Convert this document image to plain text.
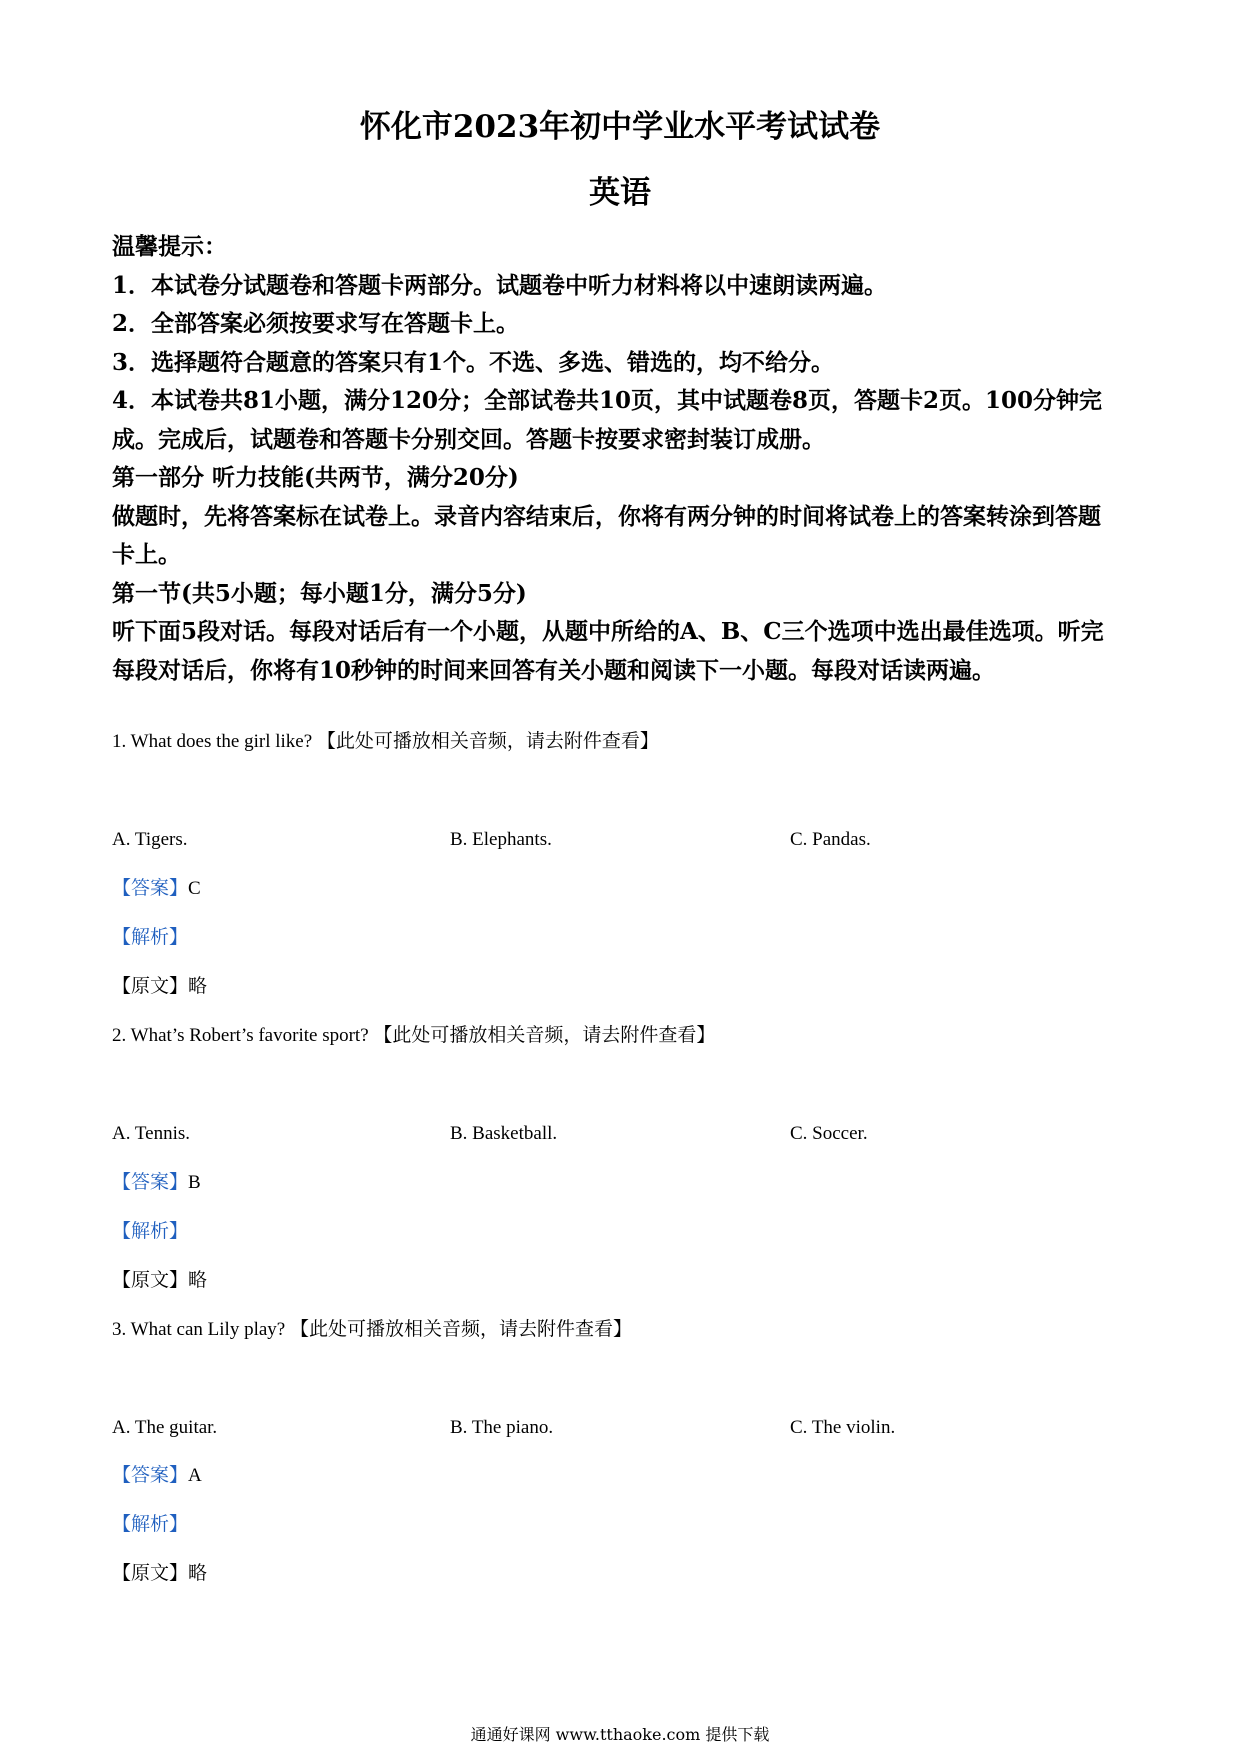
怀化市2023年初中学业水平考试试卷
英语

温馨提示：

1．本试卷分试题卷和答题卡两部分。试题卷中听力材料将以中速朗读两遍。

2．全部答案必须按要求写在答题卡上。

3．选择题符合题意的答案只有1个。不选、多选、错选的，均不给分。

4．本试卷共81小题，满分120分；全部试卷共10页，其中试题卷8页，答题卡2页。100分钟完成。完成后，试题卷和答题卡分别交回。答题卡按要求密封装订成册。

第一部分 听力技能(共两节，满分20分)

做题时，先将答案标在试卷上。录音内容结束后，你将有两分钟的时间将试卷上的答案转涂到答题卡上。

第一节(共5小题；每小题1分，满分5分)

听下面5段对话。每段对话后有一个小题，从题中所给的A、B、C三个选项中选出最佳选项。听完每段对话后，你将有10秒钟的时间来回答有关小题和阅读下一小题。每段对话读两遍。

1. What does the girl like? 【此处可播放相关音频，请去附件查看】
A. Tigers.	B. Elephants.	C. Pandas.
【答案】C
【解析】
【原文】略
2. What’s Robert’s favorite sport? 【此处可播放相关音频，请去附件查看】
A. Tennis.	B. Basketball.	C. Soccer.
【答案】B
【解析】
【原文】略
3. What can Lily play? 【此处可播放相关音频，请去附件查看】
A. The guitar.	B. The piano.	C. The violin.
【答案】A
【解析】
【原文】略
通通好课网 www.tthaoke.com 提供下载
